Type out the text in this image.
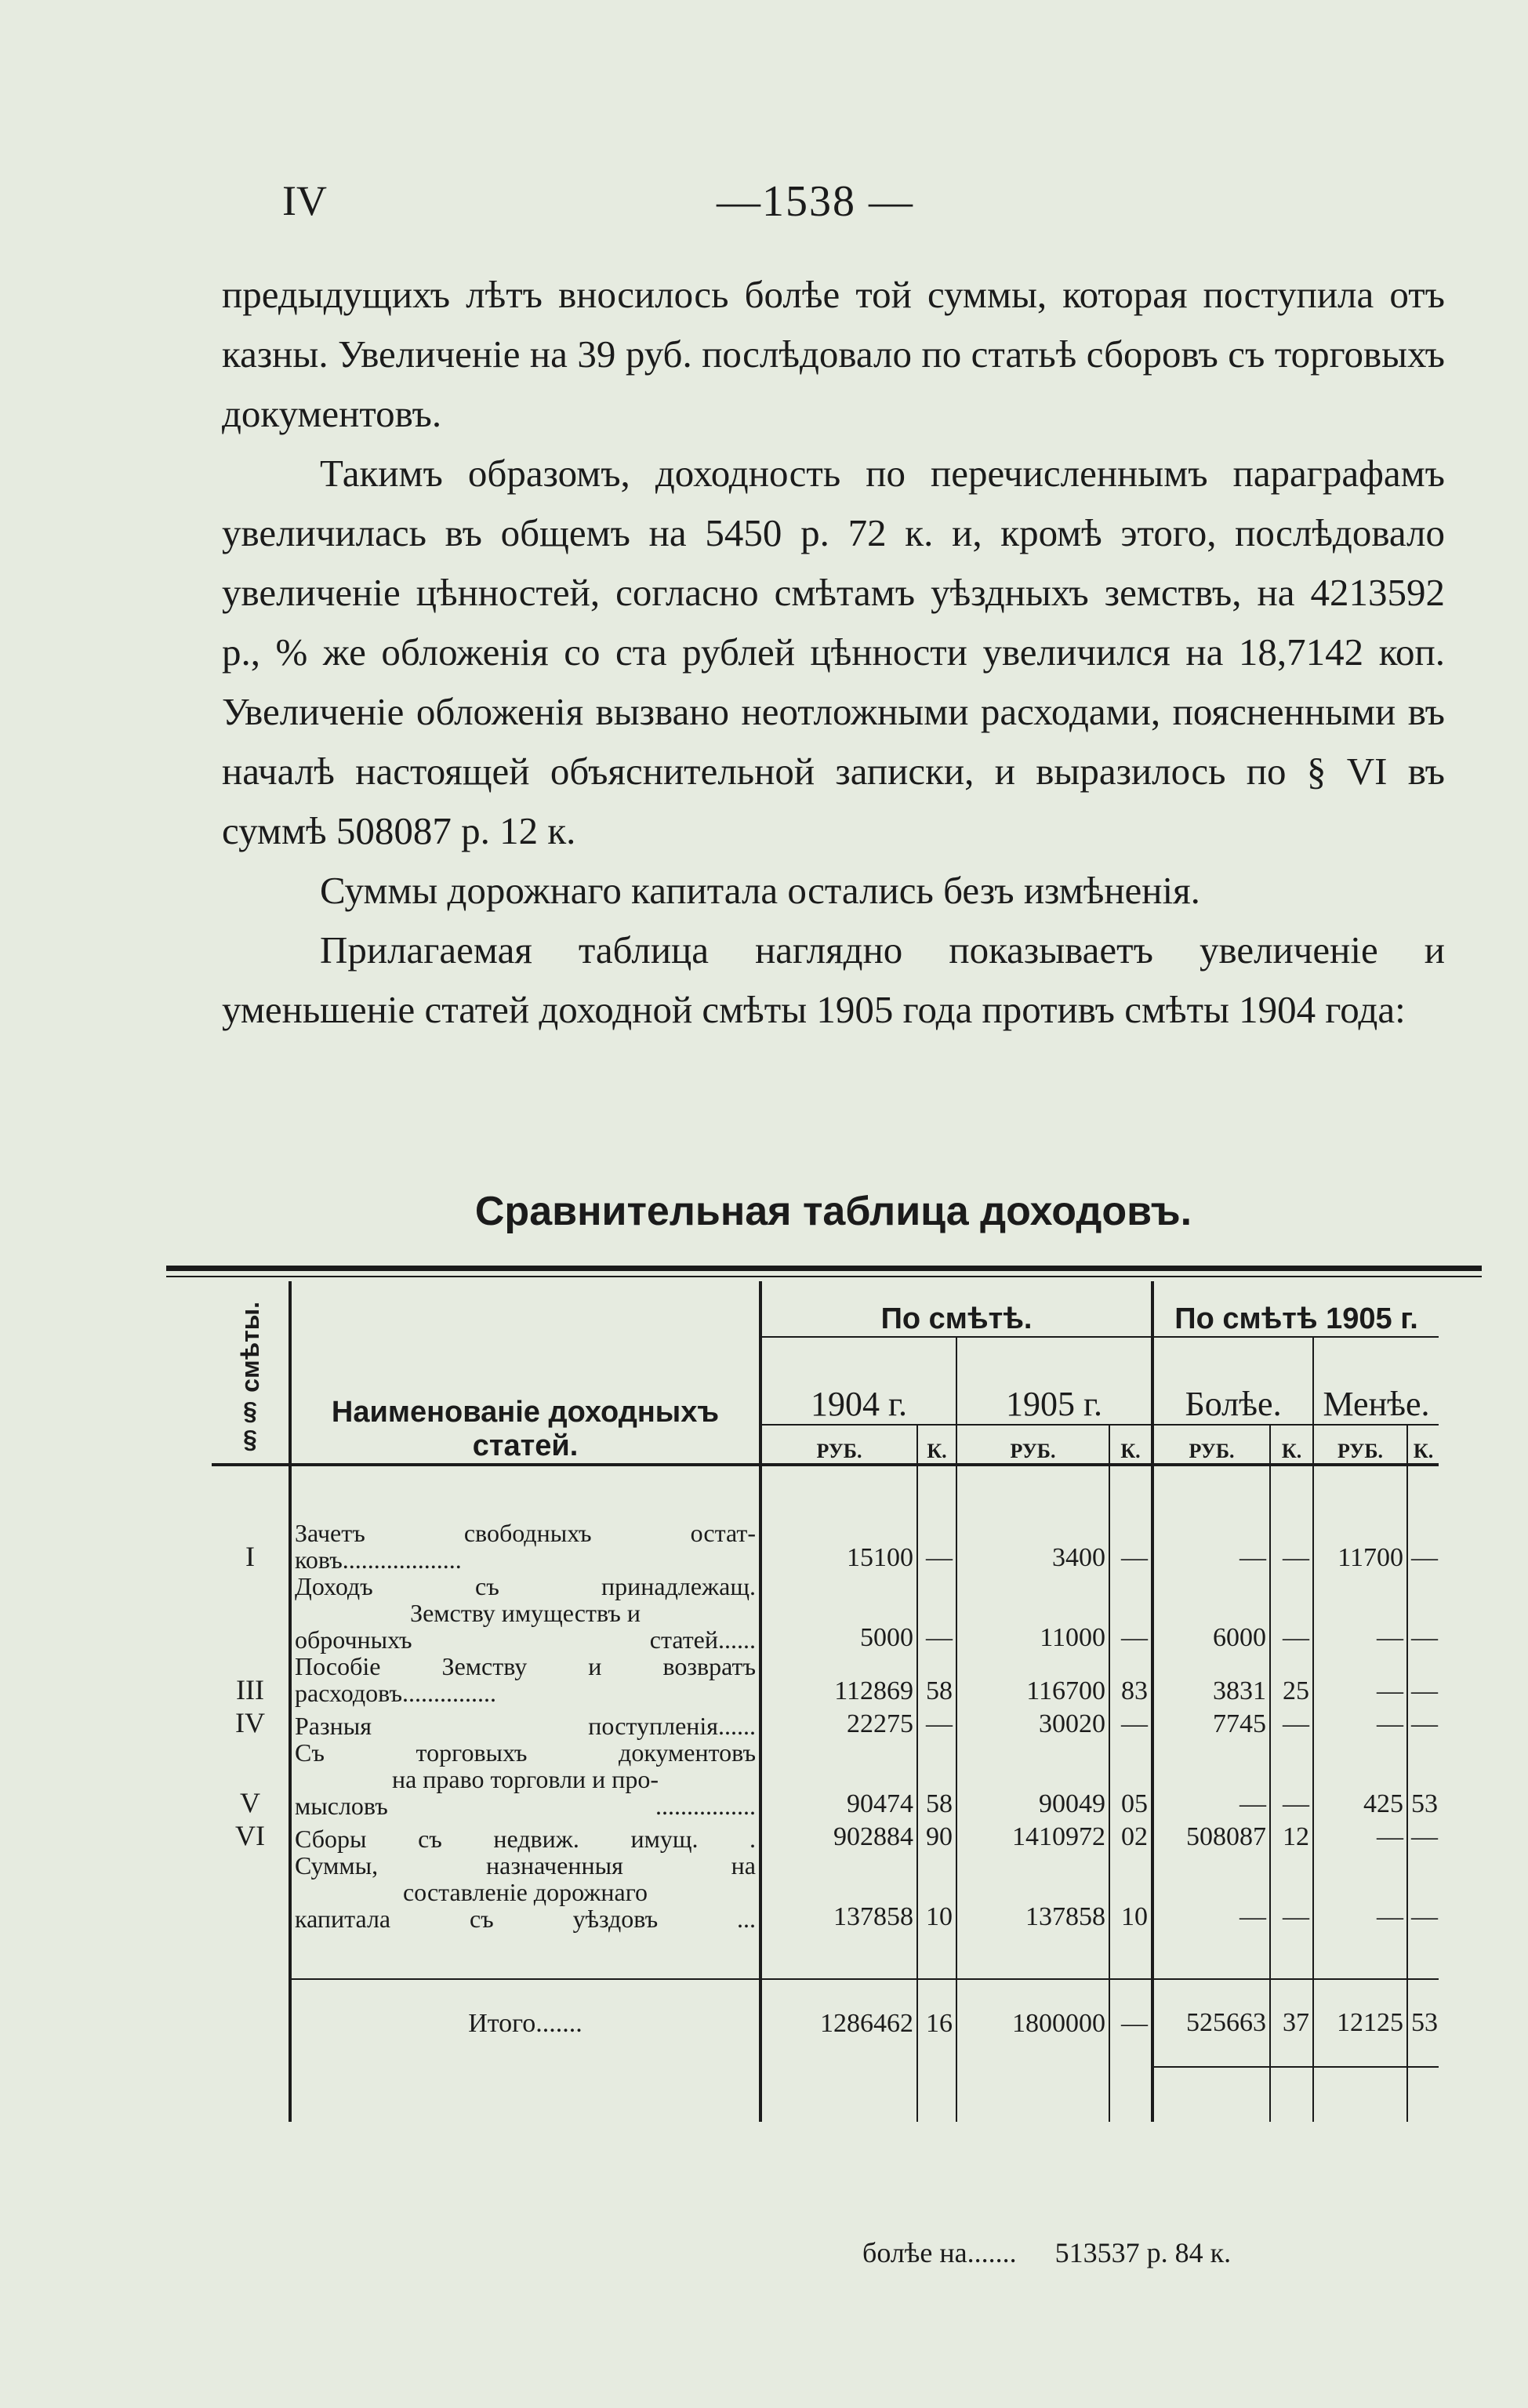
IV	—1538 —

предыдущихъ лѣтъ вносилось болѣе той суммы, которая поступила отъ казны. Увеличенiе на 39 руб. послѣдовало по статьѣ сборовъ съ торговыхъ документовъ.

Такимъ образомъ, доходность по перечисленнымъ параграфамъ увеличилась въ общемъ на 5450 р. 72 к. и, кромѣ этого, послѣдовало увеличенiе цѣнностей, согласно смѣтамъ уѣздныхъ земствъ, на 4213592 р., % же обложенiя со ста рублей цѣнности увеличился на 18,7142 коп. Увеличенiе обложенiя вызвано неотложными расходами, поясненными въ началѣ настоящей объяснительной записки, и выразилось по § VI въ суммѣ 508087 р. 12 к.

Суммы дорожнаго капитала остались безъ измѣненiя.

Прилагаемая таблица наглядно показываетъ увеличенiе и уменьшенiе статей доходной смѣты 1905 года противъ смѣты 1904 года:

Сравнительная таблица доходовъ.
§§ смѣты.	Наименованiе доходныхъ статей.	По смѣтѣ.				По смѣтѣ 1905 г.			
		1904 г.		1905 г.		Болѣе.		Менѣе.	
		РУБ.	К.	РУБ.	К.	РУБ.	К.	РУБ.	К.

I	Зачетъ свободныхъ остат-
ковъ...................	15100	—	3400	—	—	—	11700	—

	Доходъ съ принадлежащ.
Земству имуществъ и
оброчныхъ статей......	5000	—	11000	—	6000	—	—	—
III	Пособiе Земству и возвратъ
расходовъ...............	112869	58	116700	83	3831	25	—	—
IV	Разныя поступленiя......	22275	—	30020	—	7745	—	—	—
V	Съ торговыхъ документовъ
на право торговли и про-
мысловъ ................	90474	58	90049	05	—	—	425	53
VI	Сборы съ недвиж. имущ. .	902884	90	1410972	02	508087	12	—	—

	Суммы, назначенныя на
составленiе дорожнаго
капитала съ уѣздовъ ...	137858	10	137858	10	—	—	—	—

	Итого.......	1286462	16	1800000	—	525663	37	12125	53

болѣе на....... 513537 р. 84 к.
